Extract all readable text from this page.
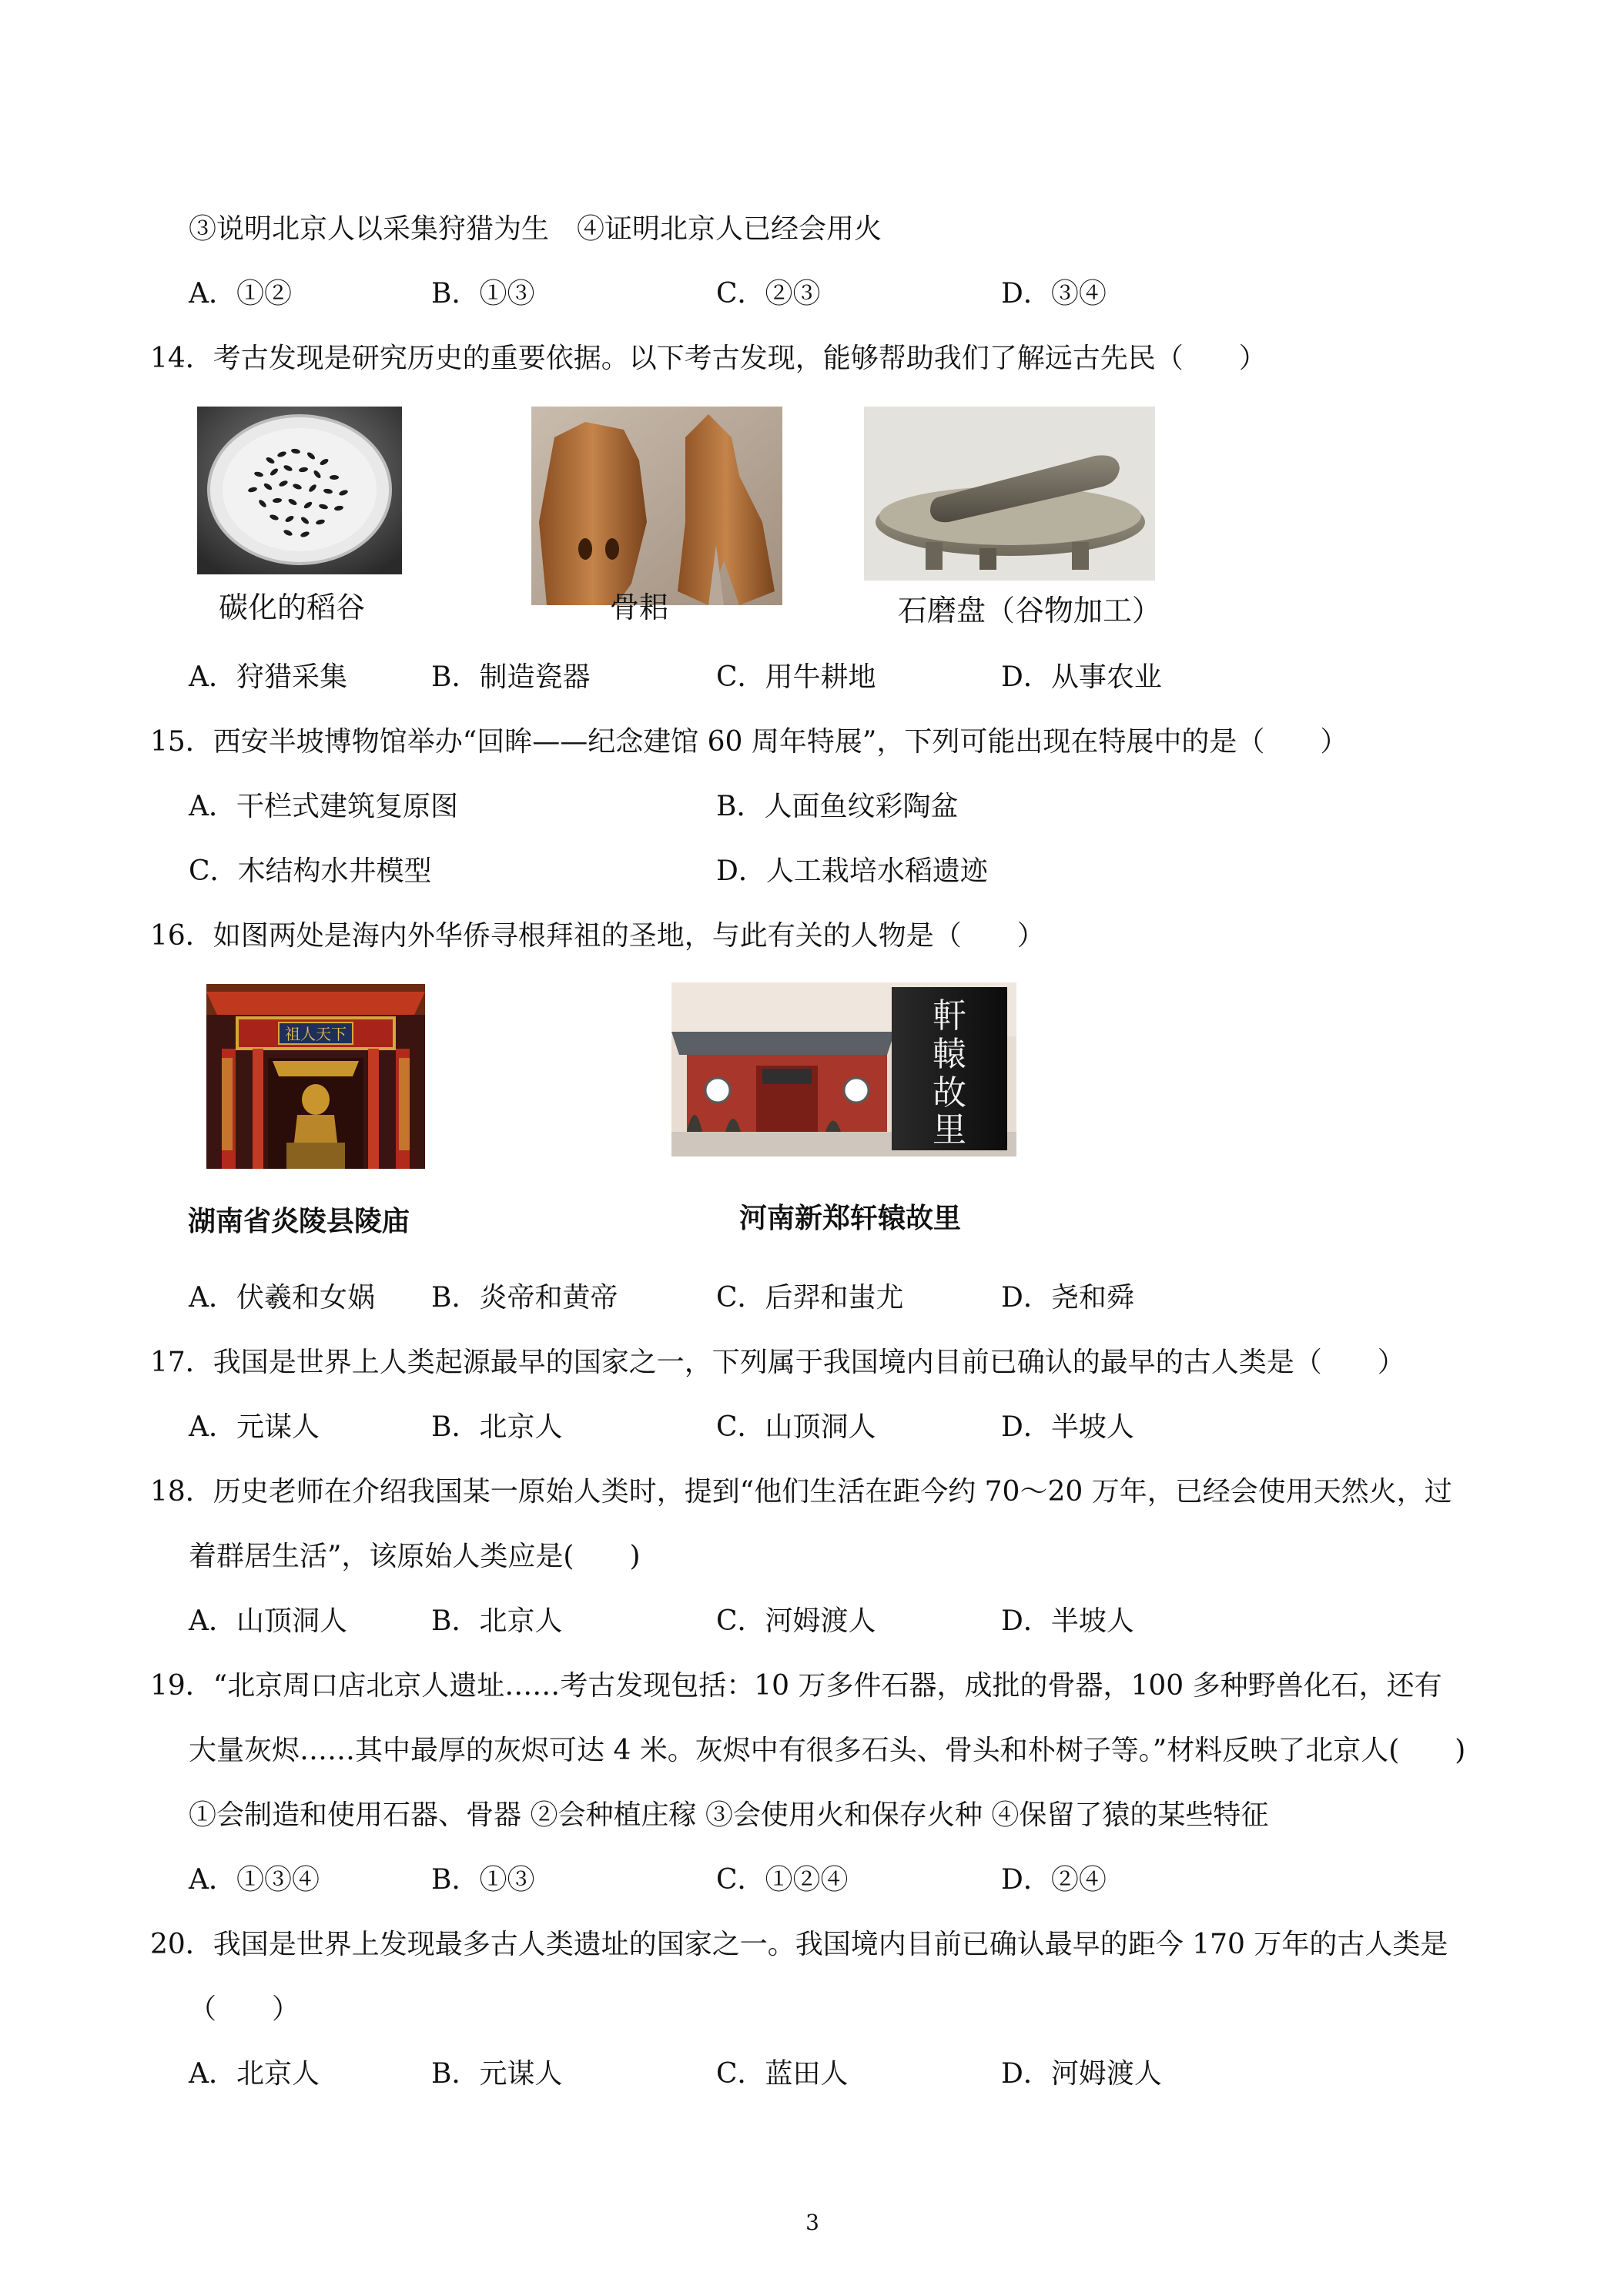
③说明北京人以采集狩猎为生　④证明北京人已经会用火
A．①②	B．①③	C．②③	D．③④
14．考古发现是研究历史的重要依据。以下考古发现，能够帮助我们了解远古先民（　　）
碳化的稻谷	骨耜	石磨盘（谷物加工）
A．狩猎采集	B．制造瓷器	C．用牛耕地	D．从事农业
15．西安半坡博物馆举办“回眸——纪念建馆 60 周年特展”，下列可能出现在特展中的是（　　）
A．干栏式建筑复原图	B．人面鱼纹彩陶盆
C．木结构水井模型	D．人工栽培水稻遗迹
16．如图两处是海内外华侨寻根拜祖的圣地，与此有关的人物是（　　）
祖人天下
湖南省炎陵县陵庙
軒
轅
故
里
河南新郑轩辕故里
A．伏羲和女娲 B．炎帝和黄帝	C．后羿和蚩尤	D．尧和舜
17．我国是世界上人类起源最早的国家之一，下列属于我国境内目前已确认的最早的古人类是（　　）
A．元谋人	B．北京人	C．山顶洞人	D．半坡人
18．历史老师在介绍我国某一原始人类时，提到“他们生活在距今约 70～20 万年，已经会使用天然火，过
着群居生活”，该原始人类应是(　　)
A．山顶洞人	B．北京人	C．河姆渡人	D．半坡人
19．“北京周口店北京人遗址……考古发现包括：10 万多件石器，成批的骨器，100 多种野兽化石，还有
大量灰烬……其中最厚的灰烬可达 4 米。灰烬中有很多石头、骨头和朴树子等。”材料反映了北京人(　　)
①会制造和使用石器、骨器 ②会种植庄稼 ③会使用火和保存火种 ④保留了猿的某些特征
A．①③④	B．①③	C．①②④	D．②④
20．我国是世界上发现最多古人类遗址的国家之一。我国境内目前已确认最早的距今 170 万年的古人类是
（　　）
A．北京人	B．元谋人	C．蓝田人	D．河姆渡人
3
